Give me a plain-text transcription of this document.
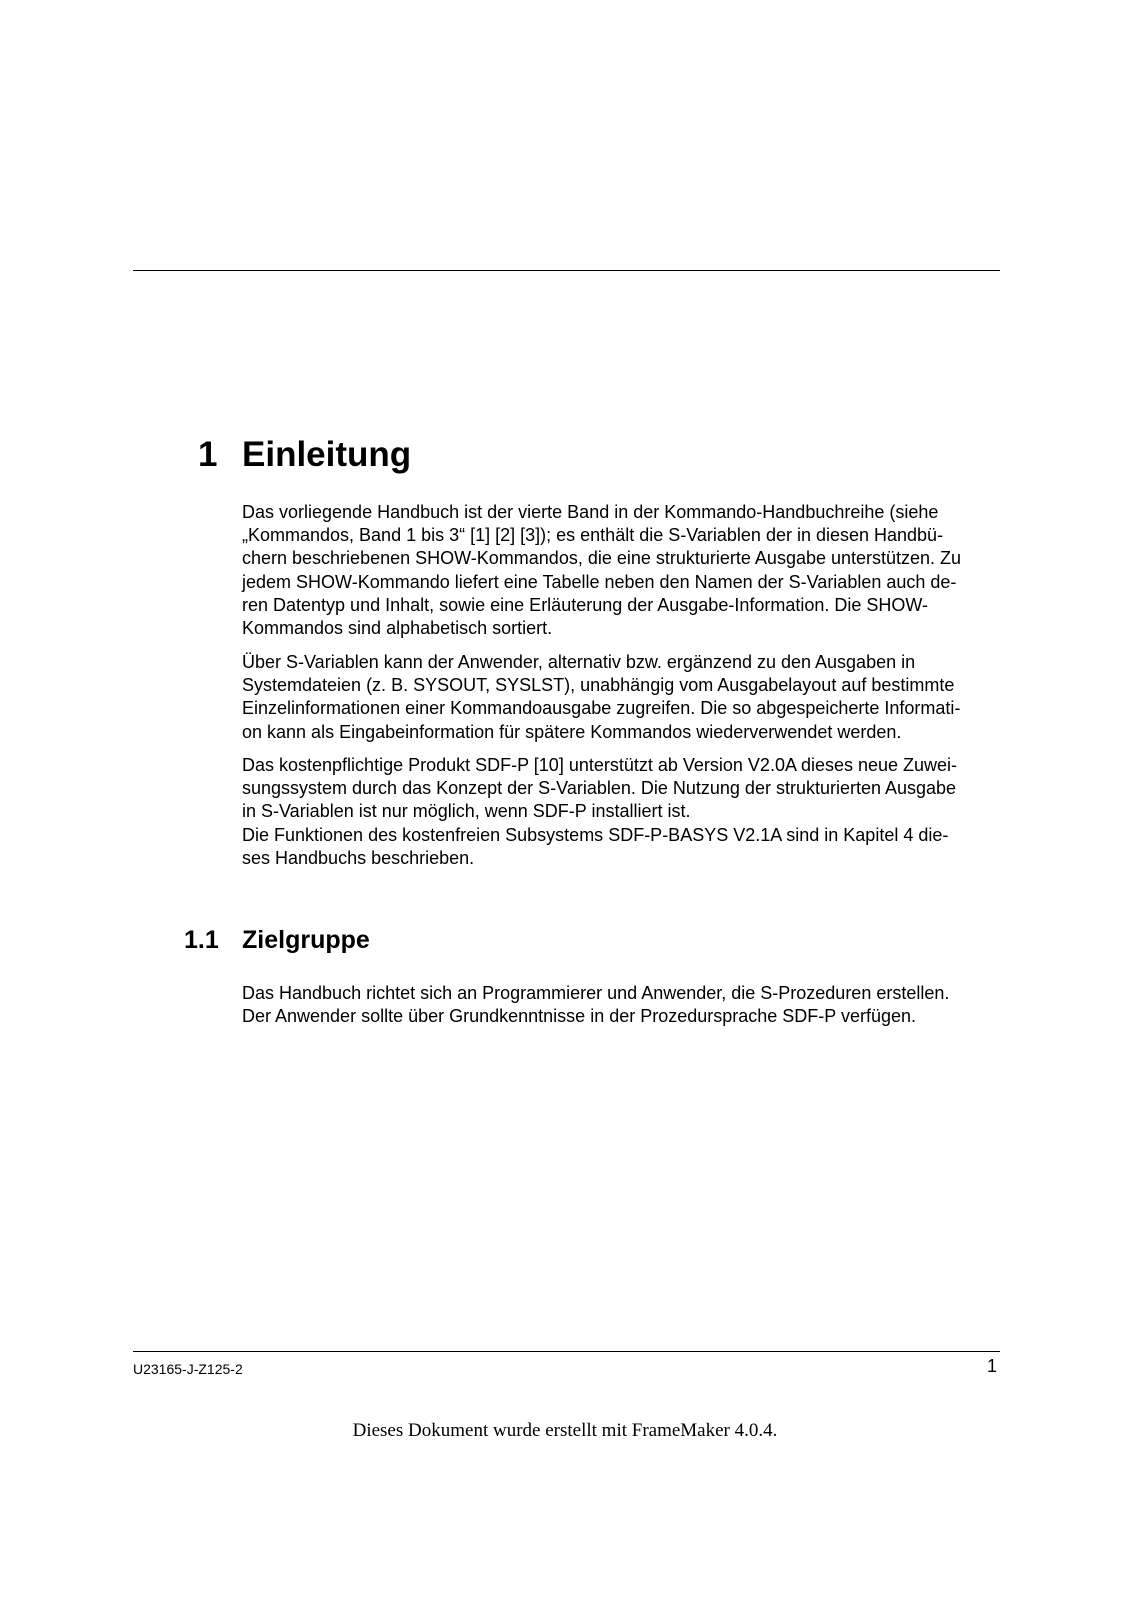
1 Einleitung

Das vorliegende Handbuch ist der vierte Band in der Kommando-Handbuchreihe (siehe
„Kommandos, Band 1 bis 3“ [1] [2] [3]); es enthält die S-Variablen der in diesen Handbü-
chern beschriebenen SHOW-Kommandos, die eine strukturierte Ausgabe unterstützen. Zu
jedem SHOW-Kommando liefert eine Tabelle neben den Namen der S-Variablen auch de-
ren Datentyp und Inhalt, sowie eine Erläuterung der Ausgabe-Information. Die SHOW-
Kommandos sind alphabetisch sortiert.

Über S-Variablen kann der Anwender, alternativ bzw. ergänzend zu den Ausgaben in
Systemdateien (z. B. SYSOUT, SYSLST), unabhängig vom Ausgabelayout auf bestimmte
Einzelinformationen einer Kommandoausgabe zugreifen. Die so abgespeicherte Informati-
on kann als Eingabeinformation für spätere Kommandos wiederverwendet werden.

Das kostenpflichtige Produkt SDF-P [10] unterstützt ab Version V2.0A dieses neue Zuwei-
sungssystem durch das Konzept der S-Variablen. Die Nutzung der strukturierten Ausgabe
in S-Variablen ist nur möglich, wenn SDF-P installiert ist.
Die Funktionen des kostenfreien Subsystems SDF-P-BASYS V2.1A sind in Kapitel 4 die-
ses Handbuchs beschrieben.

1.1 Zielgruppe

Das Handbuch richtet sich an Programmierer und Anwender, die S-Prozeduren erstellen.
Der Anwender sollte über Grundkenntnisse in der Prozedursprache SDF-P verfügen.

U23165-J-Z125-2	1
Dieses Dokument wurde erstellt mit FrameMaker 4.0.4.
